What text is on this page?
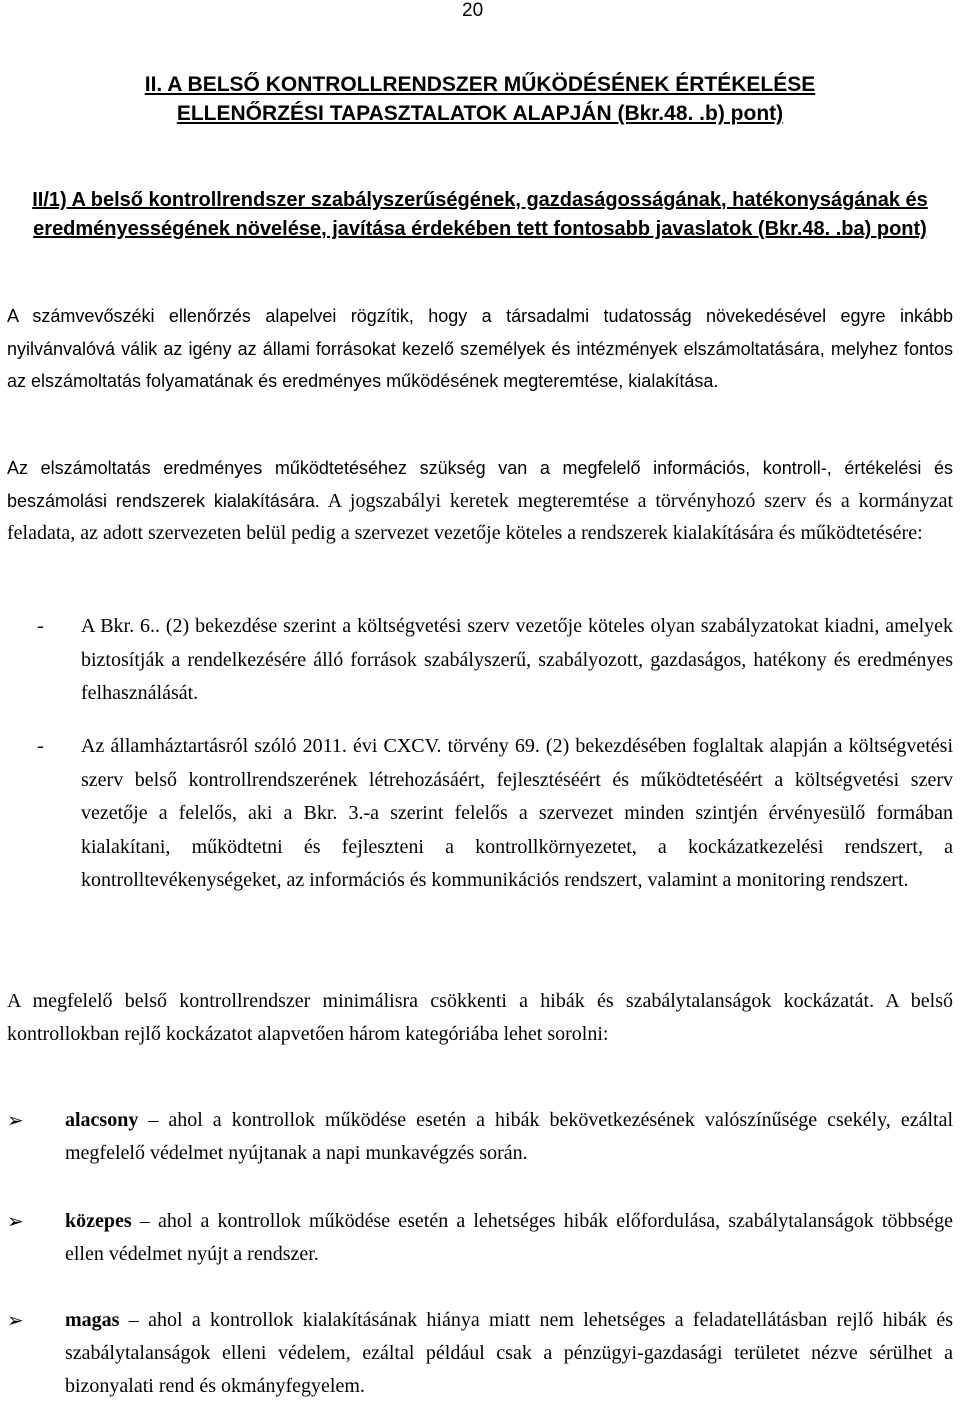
20
II. A BELSŐ KONTROLLRENDSZER MŰKÖDÉSÉNEK ÉRTÉKELÉSE ELLENŐRZÉSI TAPASZTALATOK ALAPJÁN (Bkr.48. .b) pont)
II/1) A belső kontrollrendszer szabályszerűségének, gazdaságosságának, hatékonyságának és eredményességének növelése, javítása érdekében tett fontosabb javaslatok (Bkr.48. .ba) pont)
A számvevőszéki ellenőrzés alapelvei rögzítik, hogy a társadalmi tudatosság növekedésével egyre inkább nyilvánvalóvá válik az igény az állami forrásokat kezelő személyek és intézmények elszámoltatására, melyhez fontos az elszámoltatás folyamatának és eredményes működésének megteremtése, kialakítása.
Az elszámoltatás eredményes működtetéséhez szükség van a megfelelő információs, kontroll-, értékelési és beszámolási rendszerek kialakítására. A jogszabályi keretek megteremtése a törvényhozó szerv és a kormányzat feladata, az adott szervezeten belül pedig a szervezet vezetője köteles a rendszerek kialakítására és működtetésére:
- A Bkr. 6.. (2) bekezdése szerint a költségvetési szerv vezetője köteles olyan szabályzatokat kiadni, amelyek biztosítják a rendelkezésére álló források szabályszerű, szabályozott, gazdaságos, hatékony és eredményes felhasználását.
- Az államháztartásról szóló 2011. évi CXCV. törvény 69. (2) bekezdésében foglaltak alapján a költségvetési szerv belső kontrollrendszerének létrehozásáért, fejlesztéséért és működtetéséért a költségvetési szerv vezetője a felelős, aki a Bkr. 3.-a szerint felelős a szervezet minden szintjén érvényesülő formában kialakítani, működtetni és fejleszteni a kontrollkörnyezetet, a kockázatkezelési rendszert, a kontrolltevékenységeket, az információs és kommunikációs rendszert, valamint a monitoring rendszert.
A megfelelő belső kontrollrendszer minimálisra csökkenti a hibák és szabálytalanságok kockázatát. A belső kontrollokban rejlő kockázatot alapvetően három kategóriába lehet sorolni:
➢ alacsony – ahol a kontrollok működése esetén a hibák bekövetkezésének valószínűsége csekély, ezáltal megfelelő védelmet nyújtanak a napi munkavégzés során.
➢ közepes – ahol a kontrollok működése esetén a lehetséges hibák előfordulása, szabálytalanságok többsége ellen védelmet nyújt a rendszer.
➢ magas – ahol a kontrollok kialakításának hiánya miatt nem lehetséges a feladatellátásban rejlő hibák és szabálytalanságok elleni védelem, ezáltal például csak a pénzügyi-gazdasági területet nézve sérülhet a bizonyalati rend és okmányfegyelem.
